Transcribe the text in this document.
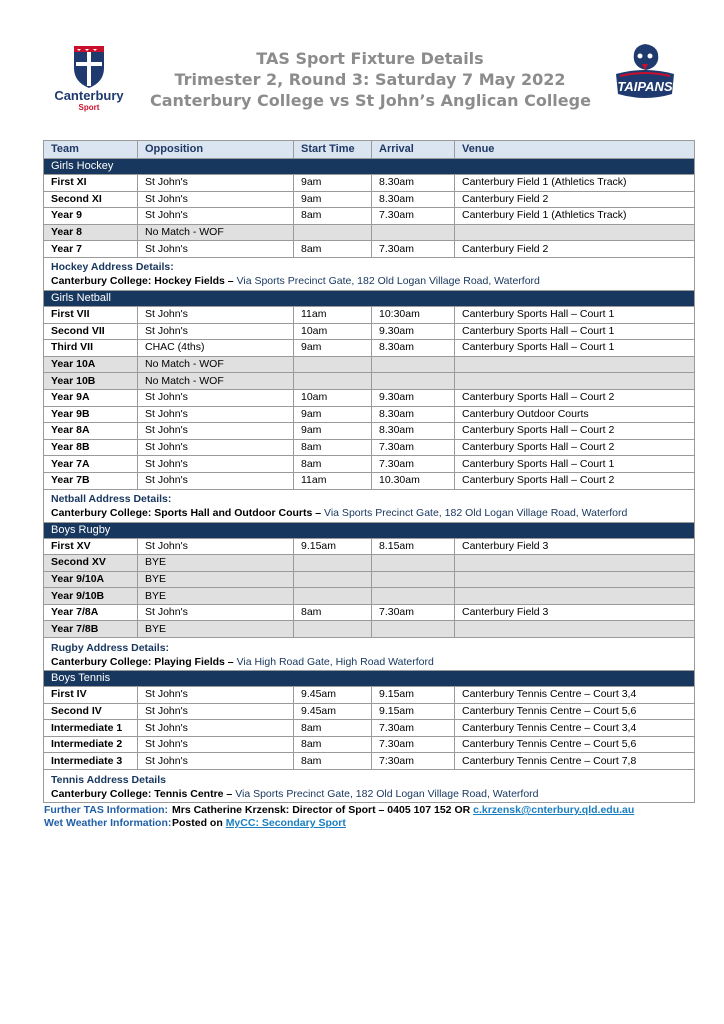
Canterbury
Sport
TAS Sport Fixture Details
Trimester 2, Round 3: Saturday 7 May 2022
Canterbury College vs St John’s Anglican College
TAIPANS
Team	Opposition	Start Time	Arrival	Venue
Girls Hockey				
First XI	St John's	9am	8.30am	Canterbury Field 1 (Athletics Track)
Second XI	St John's	9am	8.30am	Canterbury Field 2
Year 9	St John's	8am	7.30am	Canterbury Field 1 (Athletics Track)
Year 8	No Match - WOF			
Year 7	St John's	8am	7.30am	Canterbury Field 2

Hockey Address Details:
Canterbury College: Hockey Fields – Via Sports Precinct Gate, 182 Old Logan Village Road, Waterford				

Girls Netball				
First VII	St John's	11am	10:30am	Canterbury Sports Hall – Court 1
Second VII	St John's	10am	9.30am	Canterbury Sports Hall – Court 1
Third VII	CHAC (4ths)	9am	8.30am	Canterbury Sports Hall – Court 1
Year 10A	No Match - WOF			
Year 10B	No Match - WOF			
Year 9A	St John's	10am	9.30am	Canterbury Sports Hall – Court 2
Year 9B	St John's	9am	8.30am	Canterbury Outdoor Courts
Year 8A	St John's	9am	8.30am	Canterbury Sports Hall – Court 2
Year 8B	St John's	8am	7.30am	Canterbury Sports Hall – Court 2
Year 7A	St John's	8am	7.30am	Canterbury Sports Hall – Court 1
Year 7B	St John's	11am	10.30am	Canterbury Sports Hall – Court 2

Netball Address Details:
Canterbury College: Sports Hall and Outdoor Courts – Via Sports Precinct Gate, 182 Old Logan Village Road, Waterford				

Boys Rugby				
First XV	St John's	9.15am	8.15am	Canterbury Field 3
Second XV	BYE			
Year 9/10A	BYE			
Year 9/10B	BYE			
Year 7/8A	St John's	8am	7.30am	Canterbury Field 3
Year 7/8B	BYE			

Rugby Address Details:
Canterbury College: Playing Fields – Via High Road Gate, High Road Waterford				

Boys Tennis				
First IV	St John's	9.45am	9.15am	Canterbury Tennis Centre – Court 3,4
Second IV	St John's	9.45am	9.15am	Canterbury Tennis Centre – Court 5,6
Intermediate 1	St John's	8am	7.30am	Canterbury Tennis Centre – Court 3,4
Intermediate 2	St John's	8am	7.30am	Canterbury Tennis Centre – Court 5,6
Intermediate 3	St John's	8am	7:30am	Canterbury Tennis Centre – Court 7,8

Tennis Address Details
Canterbury College: Tennis Centre – Via Sports Precinct Gate, 182 Old Logan Village Road, Waterford				
Further TAS Information: Mrs Catherine Krzensk: Director of Sport – 0405 107 152 OR c.krzensk@cnterbury.qld.edu.au
Wet Weather Information:Posted on MyCC: Secondary Sport
